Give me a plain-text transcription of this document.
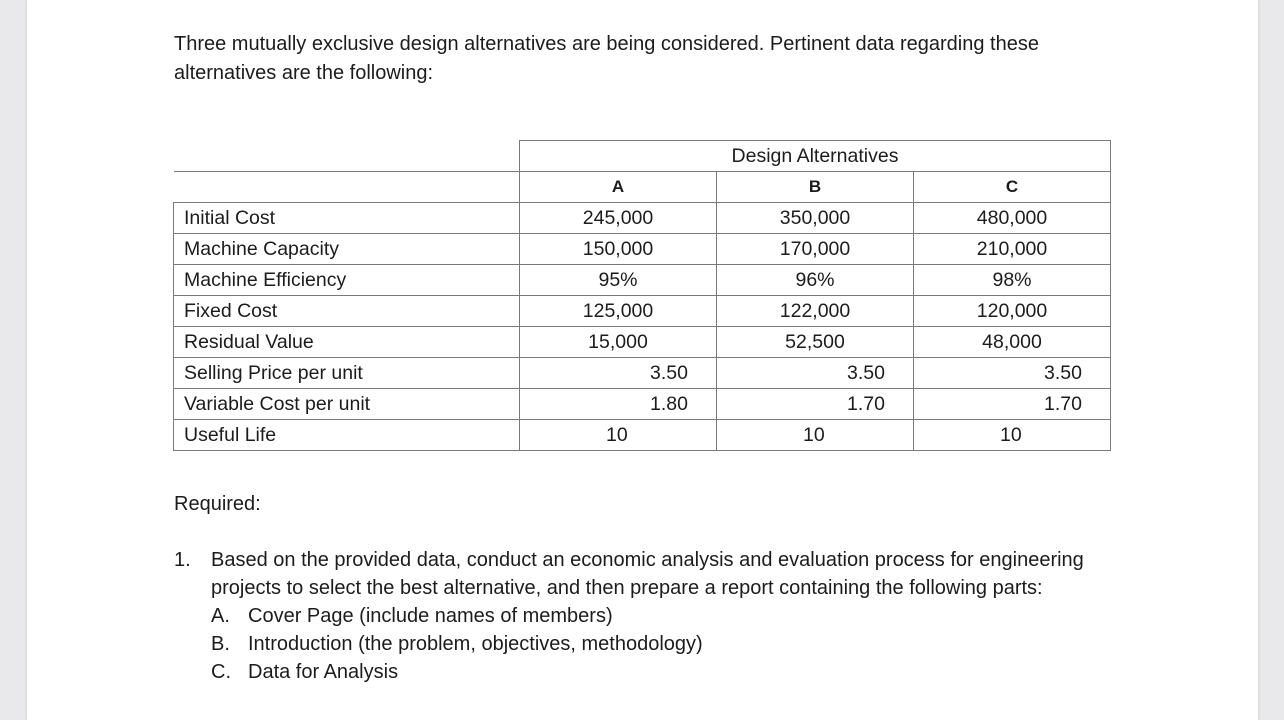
Three mutually exclusive design alternatives are being considered. Pertinent data regarding these alternatives are the following:

	Design Alternatives		
	A	B	C
Initial Cost	245,000	350,000	480,000
Machine Capacity	150,000	170,000	210,000
Machine Efficiency	95%	96%	98%
Fixed Cost	125,000	122,000	120,000
Residual Value	15,000	52,500	48,000
Selling Price per unit	3.50	3.50	3.50
Variable Cost per unit	1.80	1.70	1.70
Useful Life	10	10	10

Required:

1. Based on the provided data, conduct an economic analysis and evaluation process for engineering projects to select the best alternative, and then prepare a report containing the following parts:
A. Cover Page (include names of members)
B. Introduction (the problem, objectives, methodology)
C. Data for Analysis
